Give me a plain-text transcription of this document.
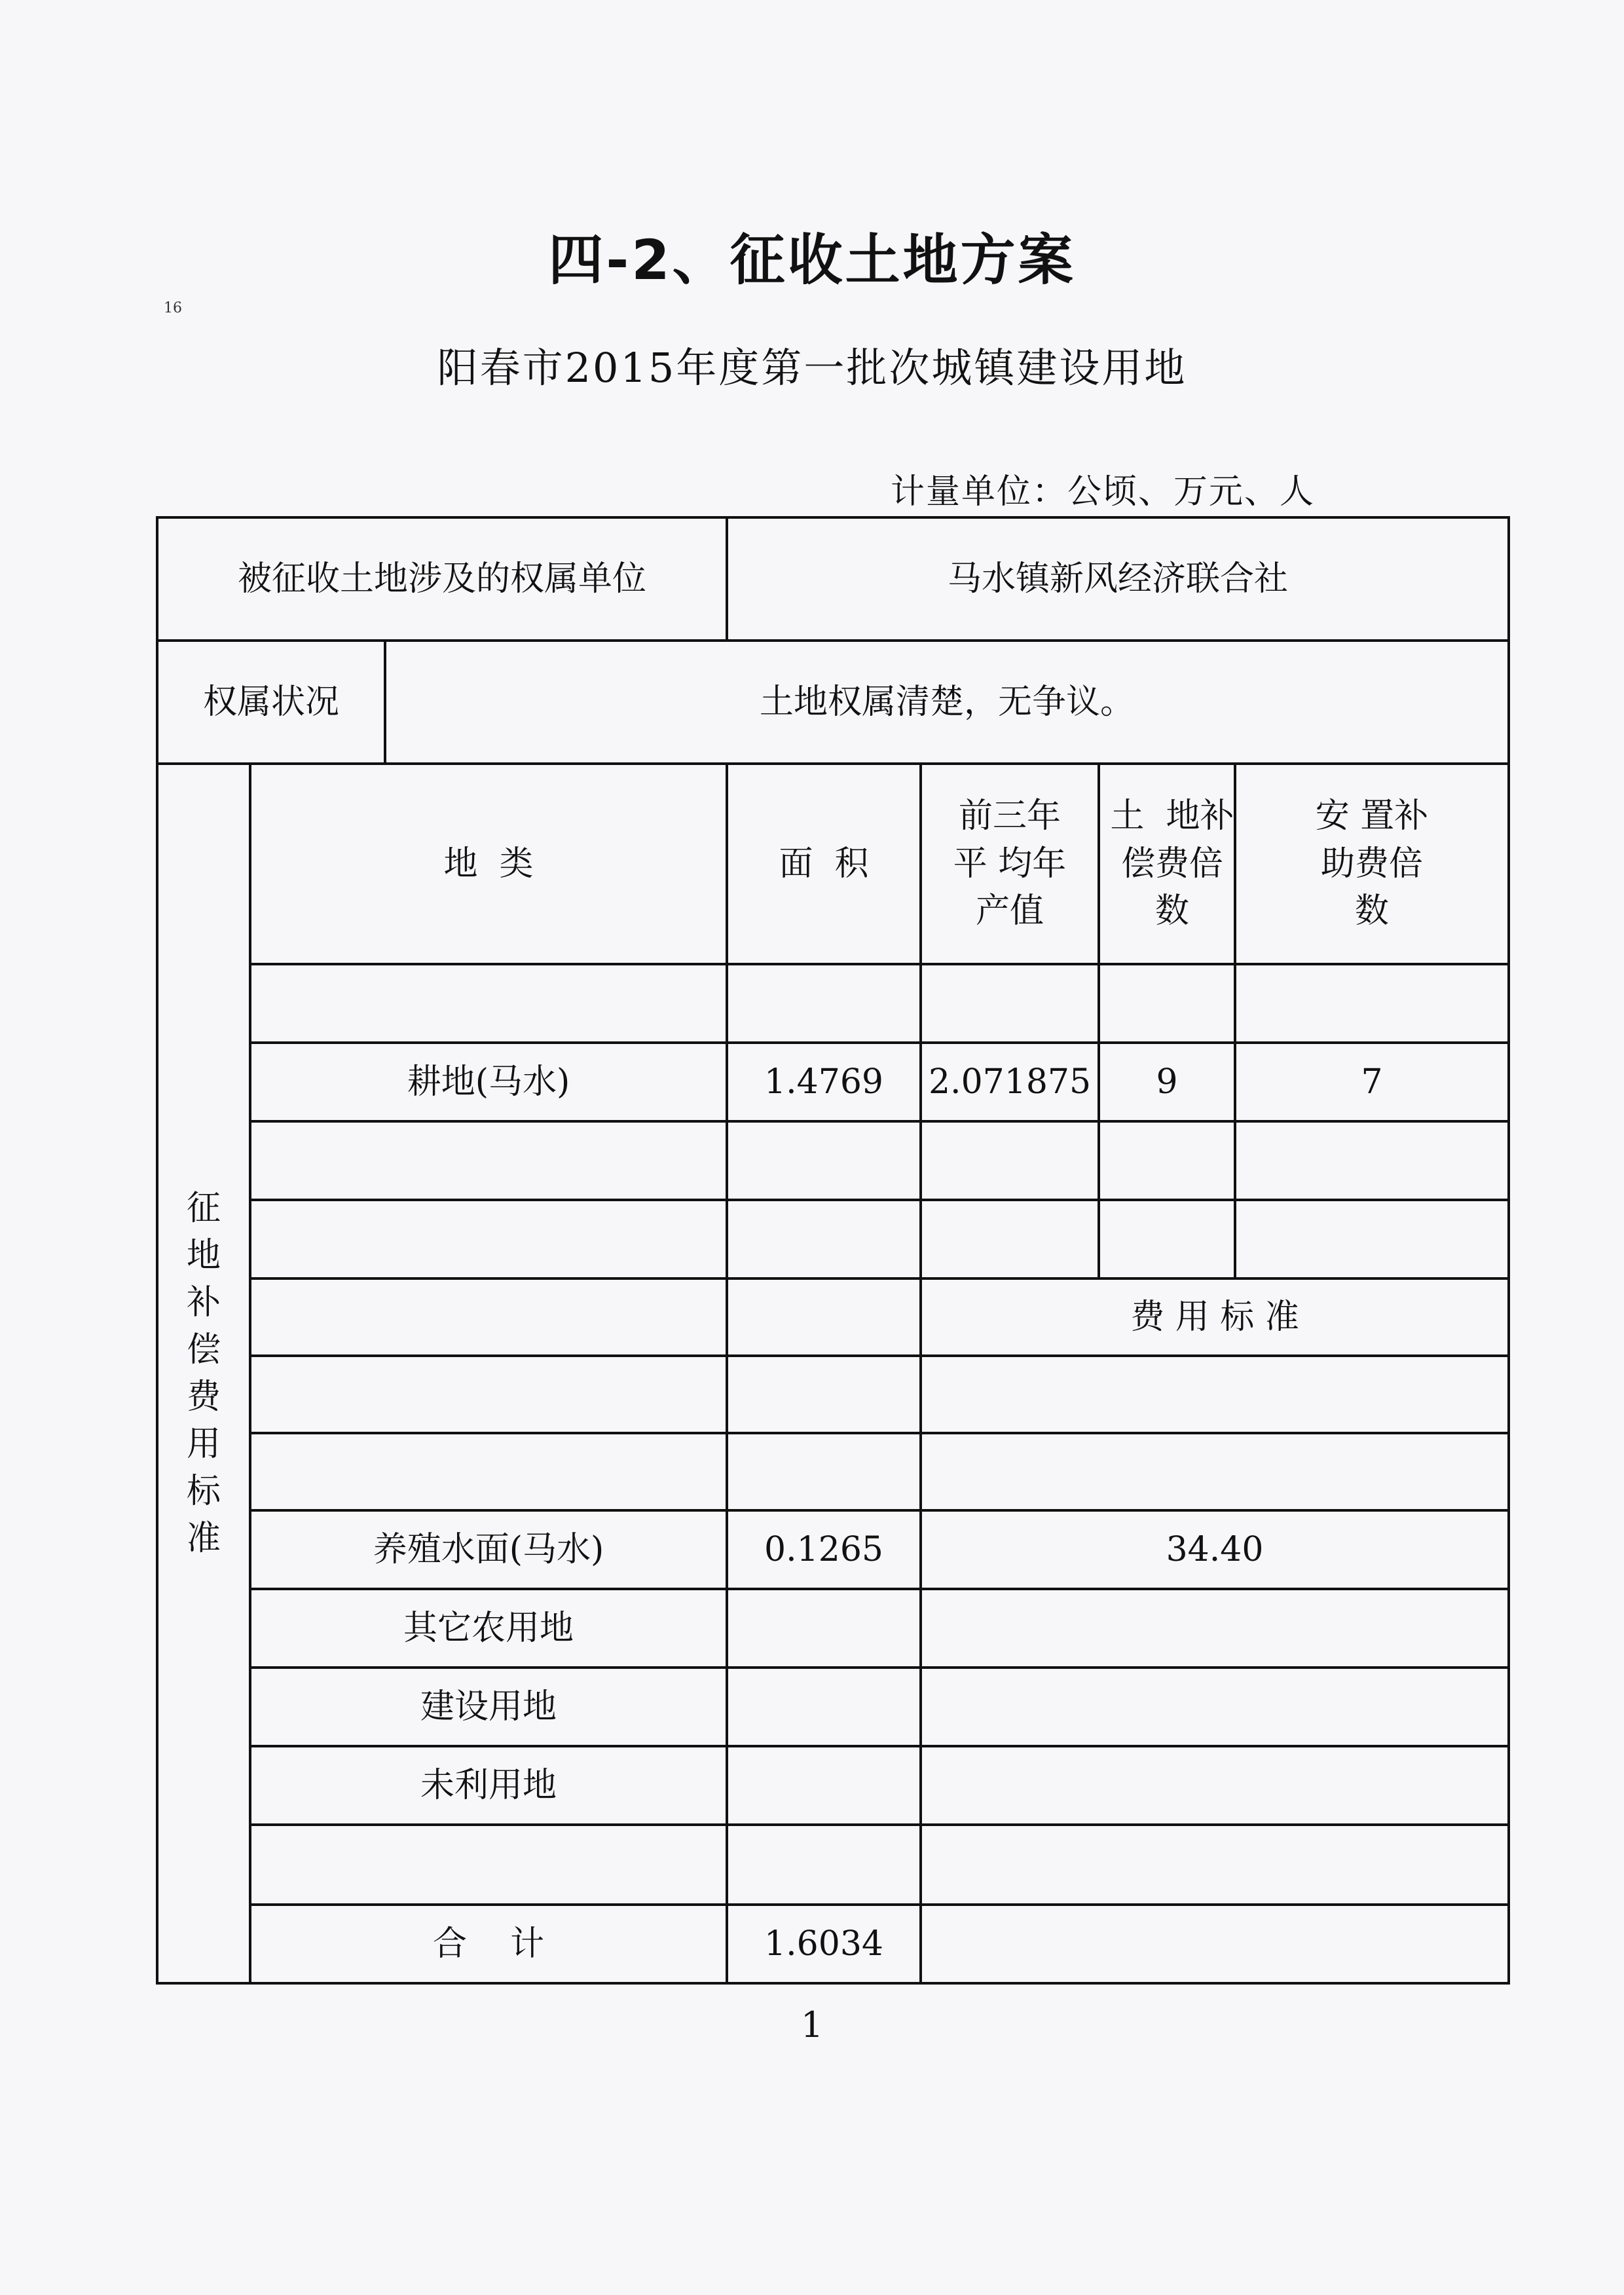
16
四-2、征收土地方案
阳春市2015年度第一批次城镇建设用地
计量单位：公顷、万元、人
被征收土地涉及的权属单位			马水镇新风经济联合社				
权属状况		土地权属清楚，无争议。					
征地补偿费用标准	地  类		面  积	前三年平 均年产值	土  地补偿费倍  数	安 置补助费倍  数

	耕地(马水)		1.4769	2.071875	9	7	

				费 用 标 准			

	养殖水面(马水)		0.1265	34.40	
	其它农用地						
	建设用地						
	未利用地						

	合    计		1.6034		
1
